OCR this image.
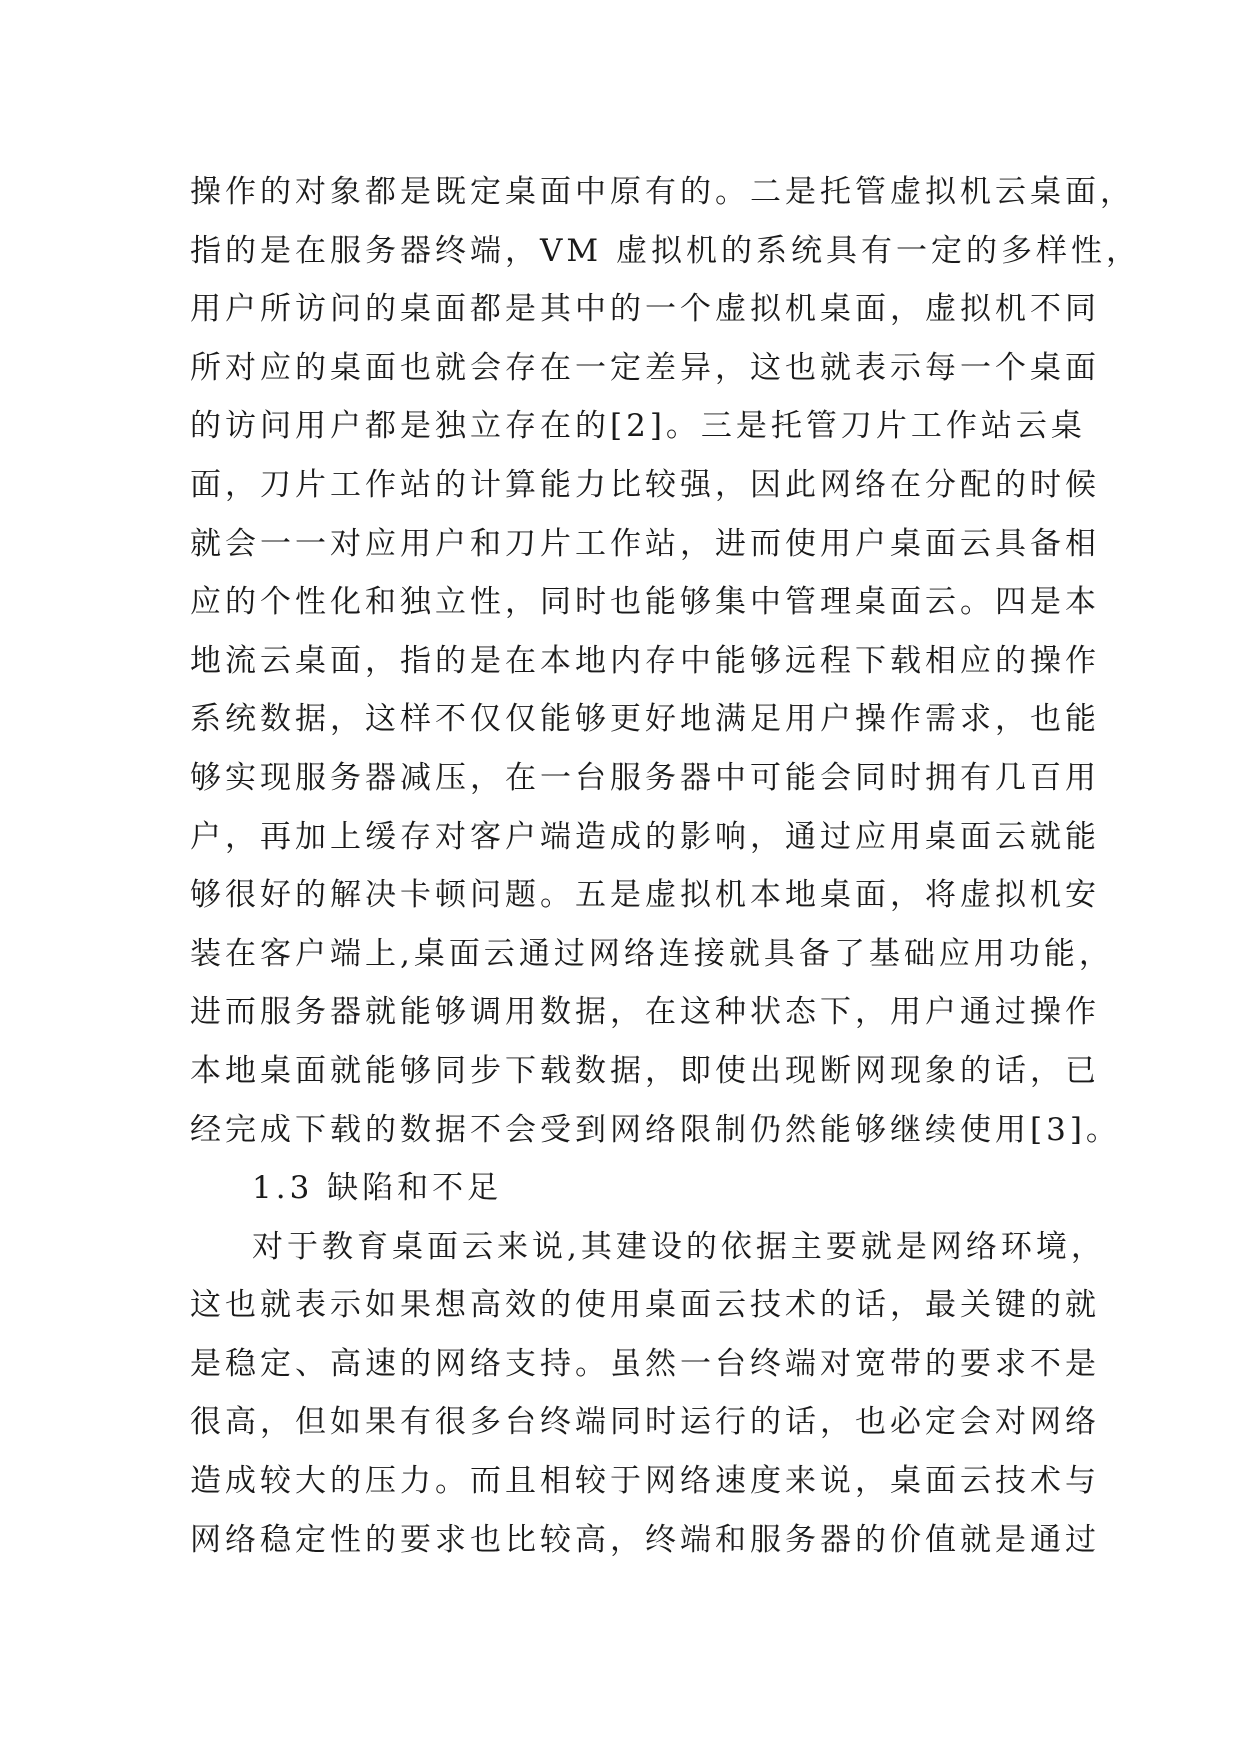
操作的对象都是既定桌面中原有的。二是托管虚拟机云桌面，
指的是在服务器终端，VM 虚拟机的系统具有一定的多样性，
用户所访问的桌面都是其中的一个虚拟机桌面，虚拟机不同
所对应的桌面也就会存在一定差异，这也就表示每一个桌面
的访问用户都是独立存在的[2]。三是托管刀片工作站云桌
面，刀片工作站的计算能力比较强，因此网络在分配的时候
就会一一对应用户和刀片工作站，进而使用户桌面云具备相
应的个性化和独立性，同时也能够集中管理桌面云。四是本
地流云桌面，指的是在本地内存中能够远程下载相应的操作
系统数据，这样不仅仅能够更好地满足用户操作需求，也能
够实现服务器减压，在一台服务器中可能会同时拥有几百用
户，再加上缓存对客户端造成的影响，通过应用桌面云就能
够很好的解决卡顿问题。五是虚拟机本地桌面，将虚拟机安
装在客户端上,桌面云通过网络连接就具备了基础应用功能，
进而服务器就能够调用数据，在这种状态下，用户通过操作
本地桌面就能够同步下载数据，即使出现断网现象的话，已
经完成下载的数据不会受到网络限制仍然能够继续使用[3]。
1.3 缺陷和不足
对于教育桌面云来说,其建设的依据主要就是网络环境，
这也就表示如果想高效的使用桌面云技术的话，最关键的就
是稳定、高速的网络支持。虽然一台终端对宽带的要求不是
很高，但如果有很多台终端同时运行的话，也必定会对网络
造成较大的压力。而且相较于网络速度来说，桌面云技术与
网络稳定性的要求也比较高，终端和服务器的价值就是通过
